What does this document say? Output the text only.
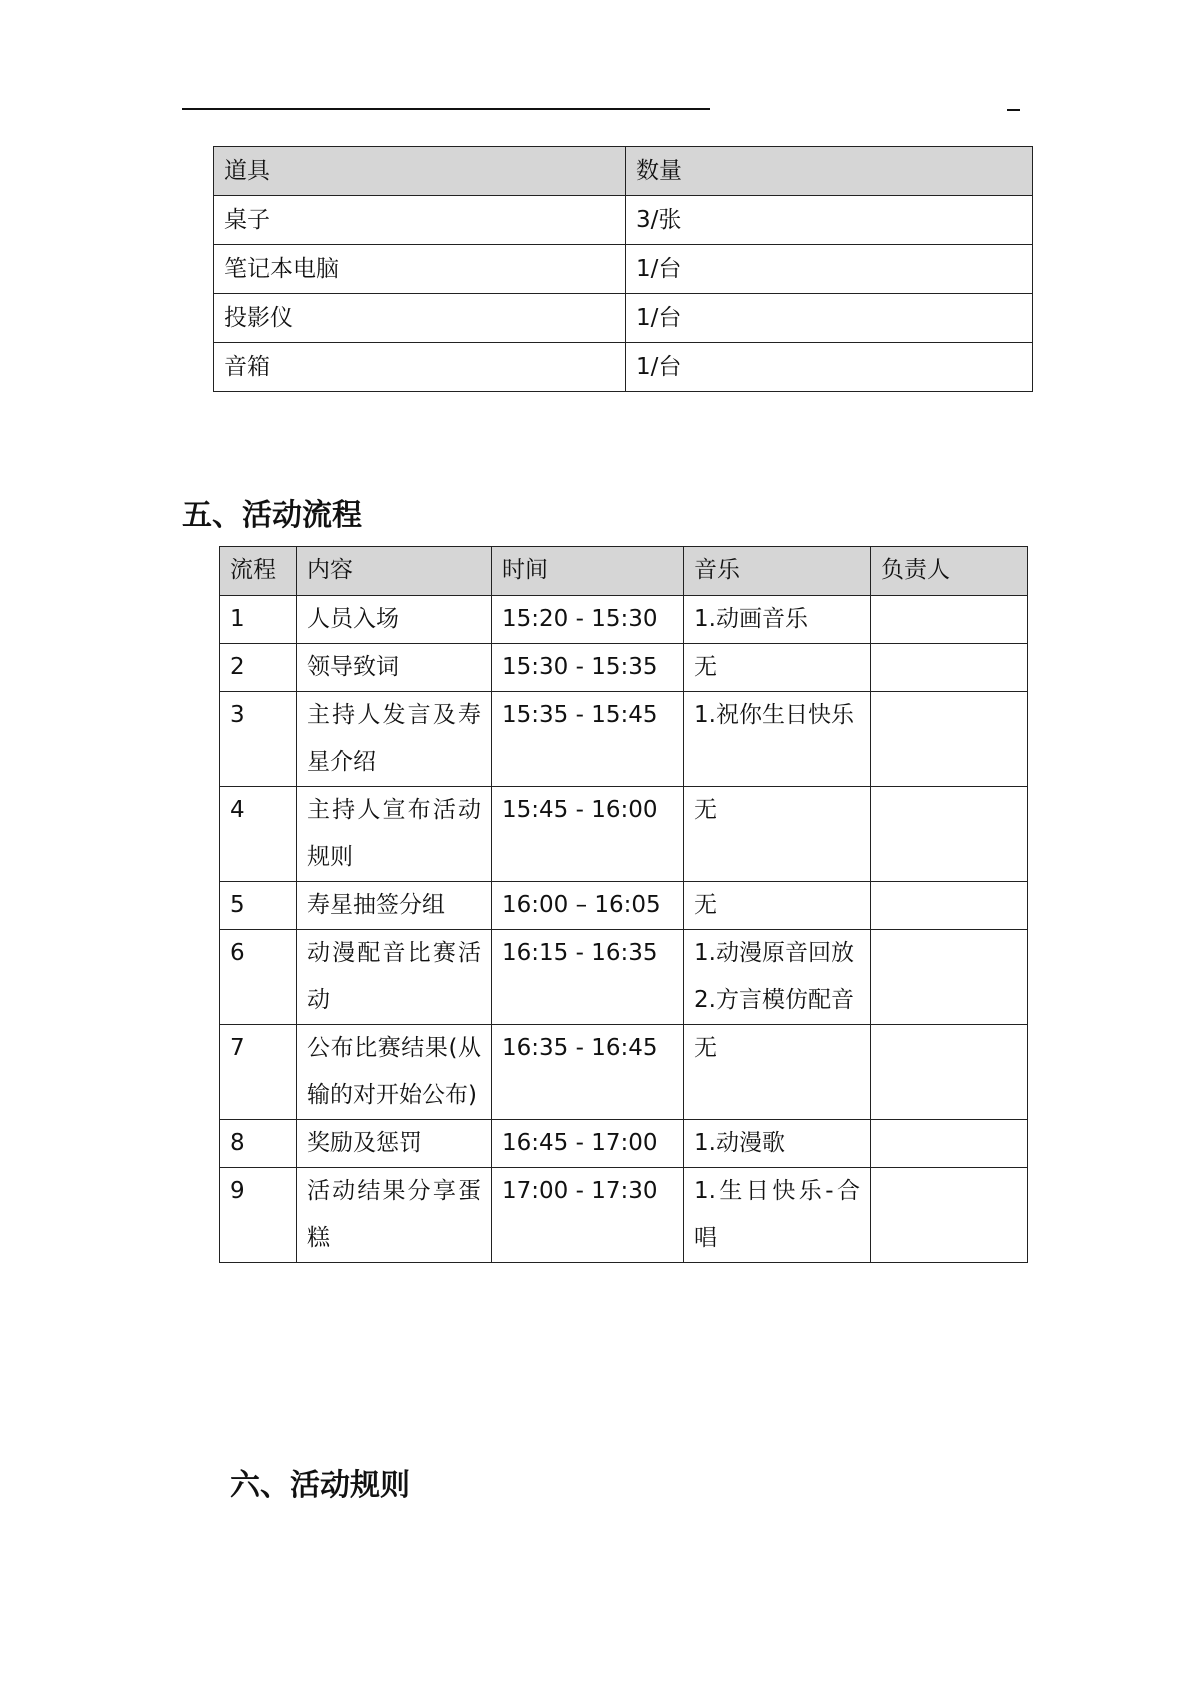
道具	数量
桌子	3/张
笔记本电脑	1/台
投影仪	1/台
音箱	1/台
五、活动流程
流程	内容	时间	音乐	负责人
1	人员入场	15:20 - 15:30	1.动画音乐	
2	领导致词	15:30 - 15:35	无	
3	主持人发言及寿星介绍	15:35 - 15:45	1.祝你生日快乐	
4	主持人宣布活动规则	15:45 - 16:00	无	
5	寿星抽签分组	16:00 – 16:05	无	
6	动漫配音比赛活动	16:15 - 16:35	1.动漫原音回放
2.方言模仿配音	
7	公布比赛结果(从输的对开始公布)	16:35 - 16:45	无	
8	奖励及惩罚	16:45 - 17:00	1.动漫歌	
9	活动结果分享蛋糕	17:00 - 17:30	1.生日快乐-合唱	
六、活动规则
